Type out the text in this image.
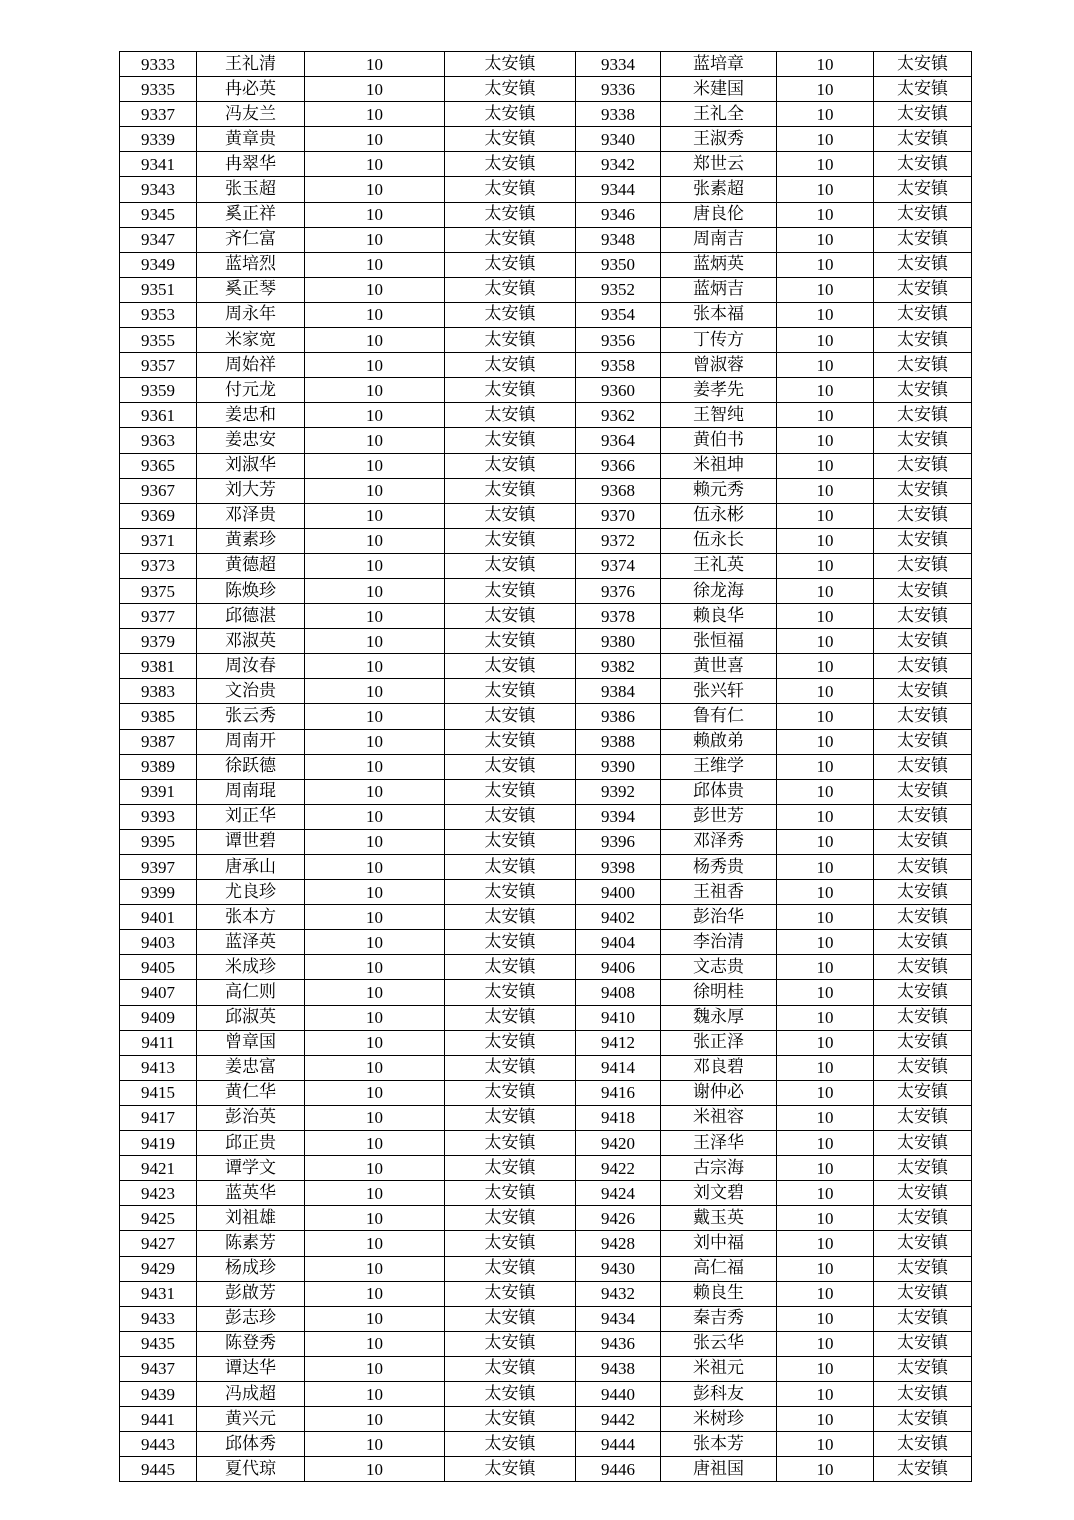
9333	王礼清	10	太安镇	9334	蓝培章	10	太安镇
9335	冉必英	10	太安镇	9336	米建国	10	太安镇
9337	冯友兰	10	太安镇	9338	王礼全	10	太安镇
9339	黄章贵	10	太安镇	9340	王淑秀	10	太安镇
9341	冉翠华	10	太安镇	9342	郑世云	10	太安镇
9343	张玉超	10	太安镇	9344	张素超	10	太安镇
9345	奚正祥	10	太安镇	9346	唐良伦	10	太安镇
9347	齐仁富	10	太安镇	9348	周南吉	10	太安镇
9349	蓝培烈	10	太安镇	9350	蓝炳英	10	太安镇
9351	奚正琴	10	太安镇	9352	蓝炳吉	10	太安镇
9353	周永年	10	太安镇	9354	张本福	10	太安镇
9355	米家宽	10	太安镇	9356	丁传方	10	太安镇
9357	周始祥	10	太安镇	9358	曾淑蓉	10	太安镇
9359	付元龙	10	太安镇	9360	姜孝先	10	太安镇
9361	姜忠和	10	太安镇	9362	王智纯	10	太安镇
9363	姜忠安	10	太安镇	9364	黄伯书	10	太安镇
9365	刘淑华	10	太安镇	9366	米祖坤	10	太安镇
9367	刘大芳	10	太安镇	9368	赖元秀	10	太安镇
9369	邓泽贵	10	太安镇	9370	伍永彬	10	太安镇
9371	黄素珍	10	太安镇	9372	伍永长	10	太安镇
9373	黄德超	10	太安镇	9374	王礼英	10	太安镇
9375	陈焕珍	10	太安镇	9376	徐龙海	10	太安镇
9377	邱德湛	10	太安镇	9378	赖良华	10	太安镇
9379	邓淑英	10	太安镇	9380	张恒福	10	太安镇
9381	周汝春	10	太安镇	9382	黄世喜	10	太安镇
9383	文治贵	10	太安镇	9384	张兴轩	10	太安镇
9385	张云秀	10	太安镇	9386	鲁有仁	10	太安镇
9387	周南开	10	太安镇	9388	赖啟弟	10	太安镇
9389	徐跃德	10	太安镇	9390	王维学	10	太安镇
9391	周南琨	10	太安镇	9392	邱体贵	10	太安镇
9393	刘正华	10	太安镇	9394	彭世芳	10	太安镇
9395	谭世碧	10	太安镇	9396	邓泽秀	10	太安镇
9397	唐承山	10	太安镇	9398	杨秀贵	10	太安镇
9399	尤良珍	10	太安镇	9400	王祖香	10	太安镇
9401	张本方	10	太安镇	9402	彭治华	10	太安镇
9403	蓝泽英	10	太安镇	9404	李治清	10	太安镇
9405	米成珍	10	太安镇	9406	文志贵	10	太安镇
9407	高仁则	10	太安镇	9408	徐明桂	10	太安镇
9409	邱淑英	10	太安镇	9410	魏永厚	10	太安镇
9411	曾章国	10	太安镇	9412	张正泽	10	太安镇
9413	姜忠富	10	太安镇	9414	邓良碧	10	太安镇
9415	黄仁华	10	太安镇	9416	谢仲必	10	太安镇
9417	彭治英	10	太安镇	9418	米祖容	10	太安镇
9419	邱正贵	10	太安镇	9420	王泽华	10	太安镇
9421	谭学文	10	太安镇	9422	古宗海	10	太安镇
9423	蓝英华	10	太安镇	9424	刘文碧	10	太安镇
9425	刘祖雄	10	太安镇	9426	戴玉英	10	太安镇
9427	陈素芳	10	太安镇	9428	刘中福	10	太安镇
9429	杨成珍	10	太安镇	9430	高仁福	10	太安镇
9431	彭啟芳	10	太安镇	9432	赖良生	10	太安镇
9433	彭志珍	10	太安镇	9434	秦吉秀	10	太安镇
9435	陈登秀	10	太安镇	9436	张云华	10	太安镇
9437	谭达华	10	太安镇	9438	米祖元	10	太安镇
9439	冯成超	10	太安镇	9440	彭科友	10	太安镇
9441	黄兴元	10	太安镇	9442	米树珍	10	太安镇
9443	邱体秀	10	太安镇	9444	张本芳	10	太安镇
9445	夏代琼	10	太安镇	9446	唐祖国	10	太安镇
